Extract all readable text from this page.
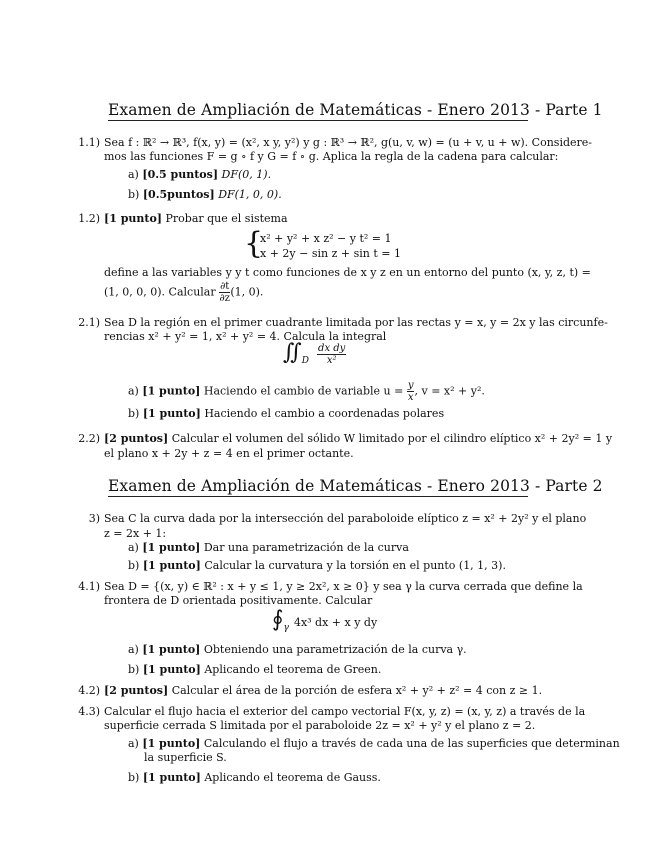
Examen de Ampliación de Matemáticas - Enero 2013 - Parte 1
1.1) Sea f : ℝ² → ℝ³, f(x, y) = (x², x y, y²) y g : ℝ³ → ℝ², g(u, v, w) = (u + v, u + w). Considere-
mos las funciones F = g ∘ f y G = f ∘ g. Aplica la regla de la cadena para calcular:
a) [0.5 puntos] DF(0, 1).
b) [0.5puntos] DF(1, 0, 0).
1.2) [1 punto] Probar que el sistema
{
x² + y² + x z² − y t² = 1
x + 2y − sin z + sin t = 1
define a las variables y y t como funciones de x y z en un entorno del punto (x, y, z, t) =
(1, 0, 0, 0). Calcular $\frac{\partial t}{\partial z} (1$, 0).
2.1) Sea D la región en el primer cuadrante limitada por las rectas y = x, y = 2x y las circunfe-
rencias x² + y² = 1, x² + y² = 4. Calcula la integral
$∬_D \frac{\text{dx dy}}{\text{x²}}$
a) [1 punto] Haciendo el cambio de variable $u = \frac{y}{x}$ , v = x² + y².
b) [1 punto] Haciendo el cambio a coordenadas polares
2.2) [2 puntos] Calcular el volumen del sólido W limitado por el cilindro elíptico x² + 2y² = 1 y
el plano x + 2y + z = 4 en el primer octante.
Examen de Ampliación de Matemáticas - Enero 2013 - Parte 2
3) Sea C la curva dada por la intersección del paraboloide elíptico z = x² + 2y² y el plano
z = 2x + 1:
a) [1 punto] Dar una parametrización de la curva
b) [1 punto] Calcular la curvatura y la torsión en el punto (1, 1, 3).
4.1) Sea D = {(x, y) ∈ ℝ² : x + y ≤ 1, y ≥ 2x², x ≥ 0} y sea γ la curva cerrada que define la
frontera de D orientada positivamente. Calcular
$∮_\gamma$ 4x³ dx + x y dy
a) [1 punto] Obteniendo una parametrización de la curva γ.
b) [1 punto] Aplicando el teorema de Green.
4.2) [2 puntos] Calcular el área de la porción de esfera x² + y² + z² = 4 con z ≥ 1.
4.3) Calcular el flujo hacia el exterior del campo vectorial F(x, y, z) = (x, y, z) a través de la
superficie cerrada S limitada por el paraboloide 2z = x² + y² y el plano z = 2.
a) [1 punto] Calculando el flujo a través de cada una de las superficies que determinan
la superficie S.
b) [1 punto] Aplicando el teorema de Gauss.
